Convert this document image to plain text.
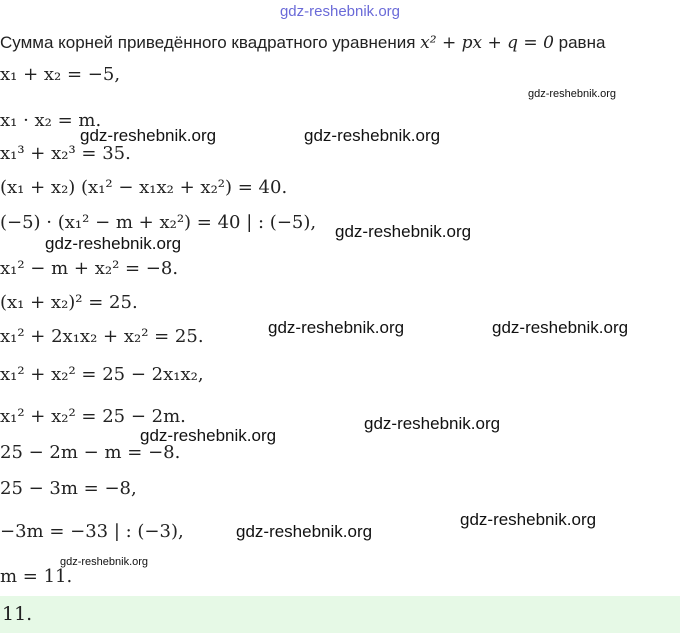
gdz-reshebnik.org
Сумма корней приведённого квадратного уравнения x² + px + q = 0 равна
x₁ + x₂ = −5,
x₁ · x₂ = m.
x₁³ + x₂³ = 35.
(x₁ + x₂) (x₁² − x₁x₂ + x₂²) = 40.
(−5) · (x₁² − m + x₂²) = 40 | : (−5),
x₁² − m + x₂² = −8.
(x₁ + x₂)² = 25.
x₁² + 2x₁x₂ + x₂² = 25.
x₁² + x₂² = 25 − 2x₁x₂,
x₁² + x₂² = 25 − 2m.
25 − 2m − m = −8.
25 − 3m = −8,
−3m = −33 | : (−3),
m = 11.
gdz-reshebnik.org
gdz-reshebnik.org	gdz-reshebnik.org
gdz-reshebnik.org
gdz-reshebnik.org
gdz-reshebnik.org	gdz-reshebnik.org
gdz-reshebnik.org
gdz-reshebnik.org
gdz-reshebnik.org
gdz-reshebnik.org
gdz-reshebnik.org
11.
